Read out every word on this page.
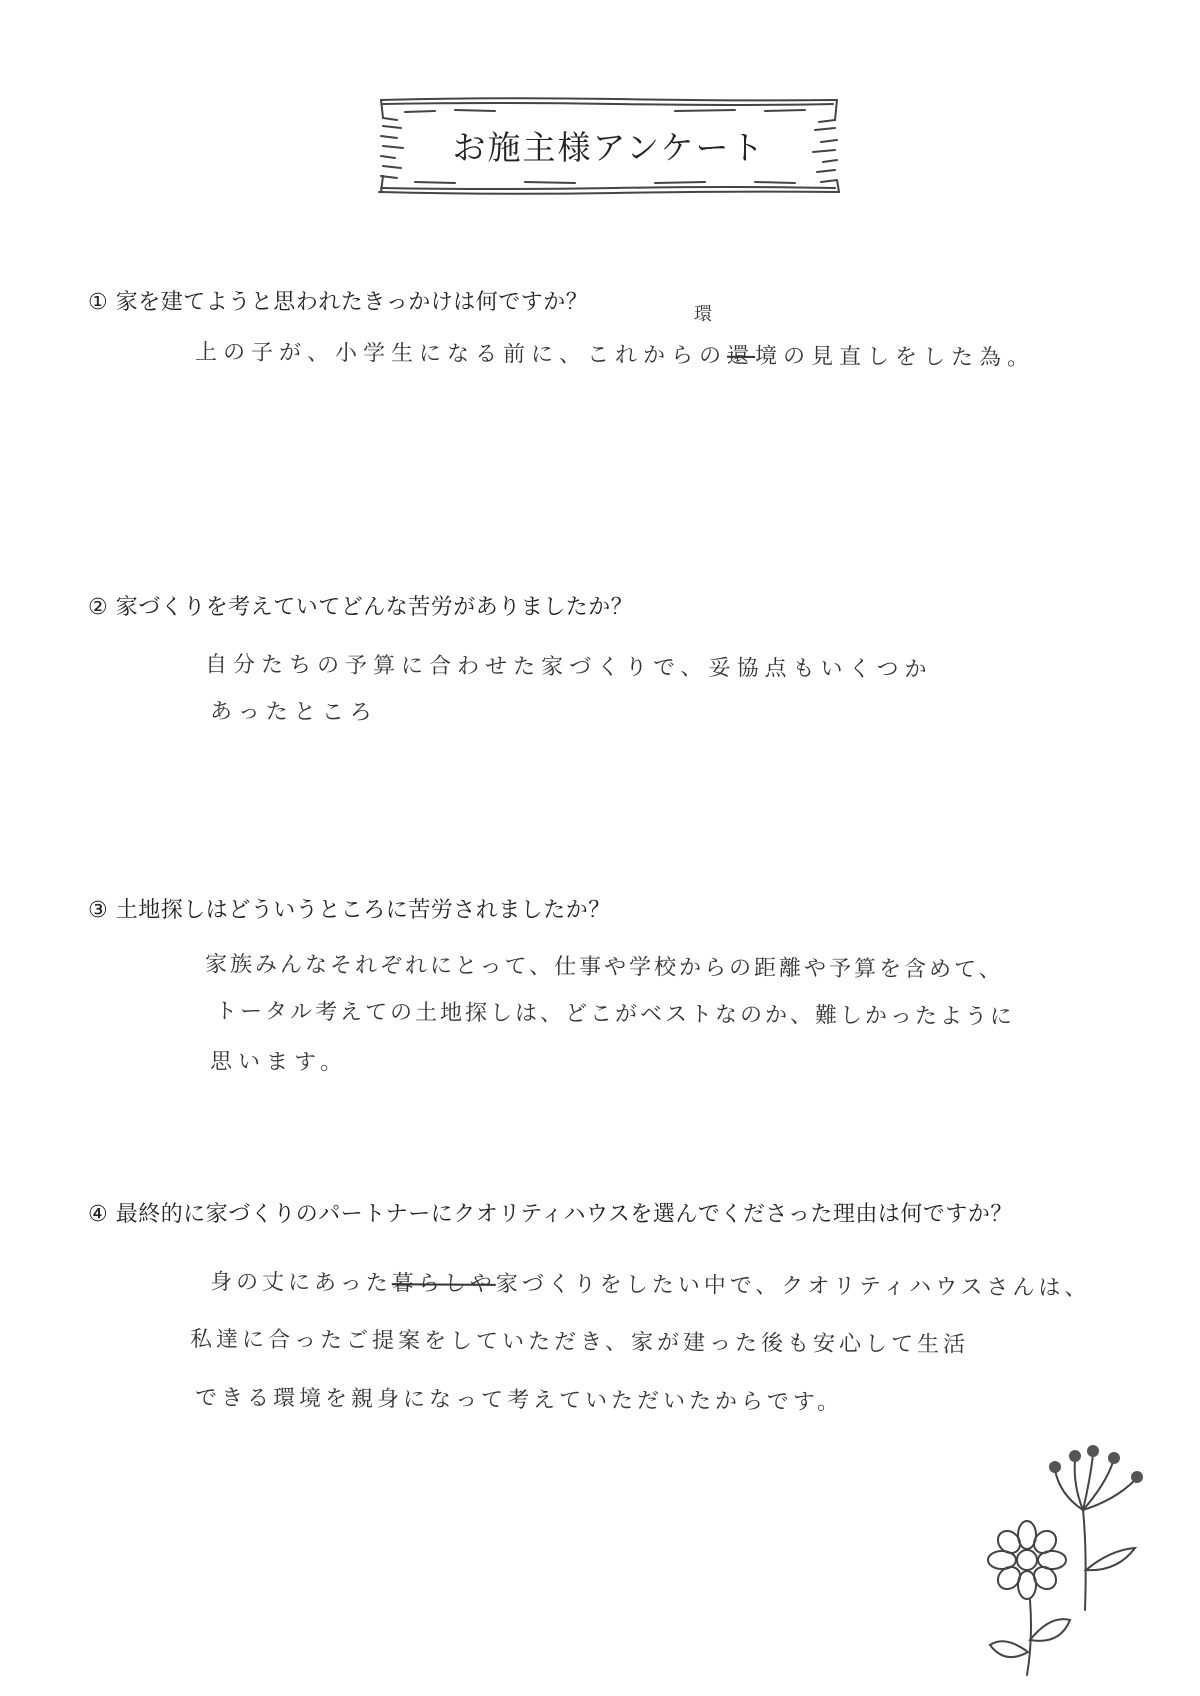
お施主様アンケート
① 家を建てようと思われたきっかけは何ですか？	環
上の子が、小学生になる前に、これからの還境の見直しをした為。
② 家づくりを考えていてどんな苦労がありましたか？
自分たちの予算に合わせた家づくりで、妥協点もいくつか
あったところ
③ 土地探しはどういうところに苦労されましたか？
家族みんなそれぞれにとって、仕事や学校からの距離や予算を含めて、
トータル考えての土地探しは、どこがベストなのか、難しかったように
思います。
④ 最終的に家づくりのパートナーにクオリティハウスを選んでくださった理由は何ですか？
身の丈にあった暮らしや家づくりをしたい中で、クオリティハウスさんは、
私達に合ったご提案をしていただき、家が建った後も安心して生活
できる環境を親身になって考えていただいたからです。
